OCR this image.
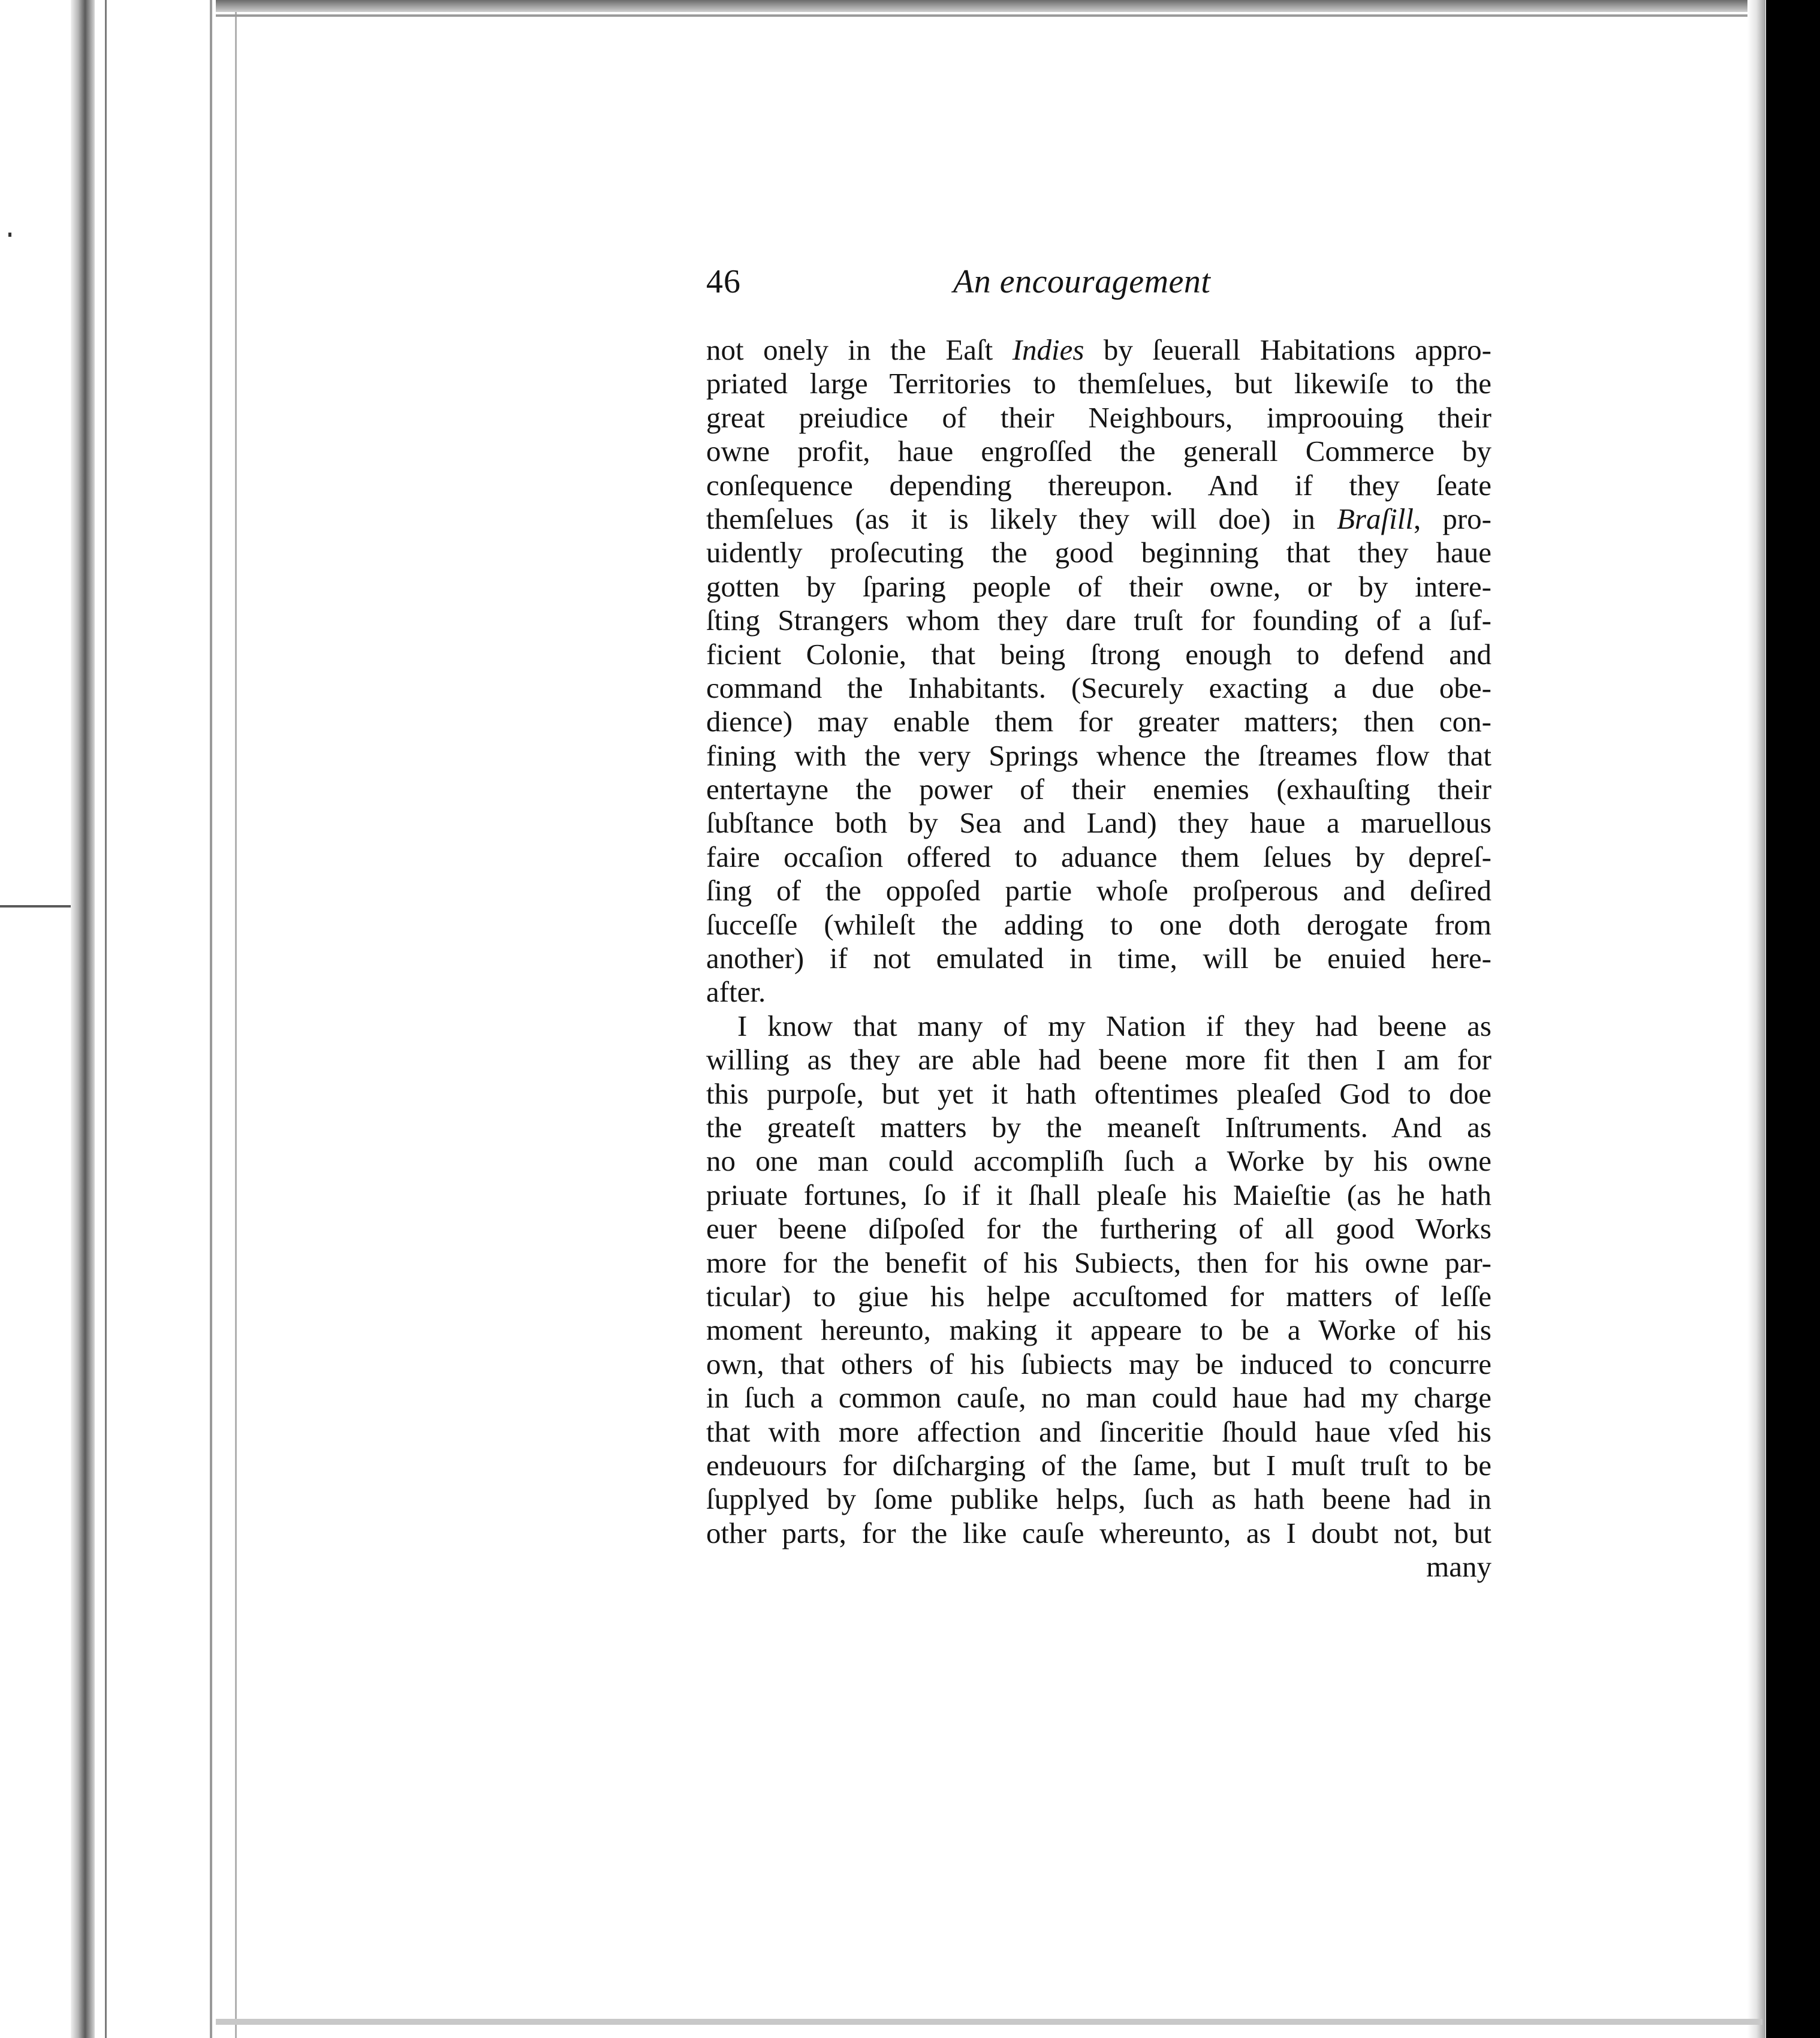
46	An encouragement
not onely in the Eaſt Indies by ſeuerall Habitations appro-
priated large Territories to themſelues, but likewiſe to the
great preiudice of their Neighbours, improouing their
owne profit, haue engroſſed the generall Commerce by
conſequence depending thereupon. And if they ſeate
themſelues (as it is likely they will doe) in Braſill, pro-
uidently proſecuting the good beginning that they haue
gotten by ſparing people of their owne, or by intere-
ſting Strangers whom they dare truſt for founding of a ſuf-
ficient Colonie, that being ſtrong enough to defend and
command the Inhabitants. (Securely exacting a due obe-
dience) may enable them for greater matters; then con-
fining with the very Springs whence the ſtreames flow that
entertayne the power of their enemies (exhauſting their
ſubſtance both by Sea and Land) they haue a maruellous
faire occaſion offered to aduance them ſelues by depreſ-
ſing of the oppoſed partie whoſe proſperous and deſired
ſucceſſe (whileſt the adding to one doth derogate from
another) if not emulated in time, will be enuied here-
after.
I know that many of my Nation if they had beene as
willing as they are able had beene more fit then I am for
this purpoſe, but yet it hath oftentimes pleaſed God to doe
the greateſt matters by the meaneſt Inſtruments. And as
no one man could accompliſh ſuch a Worke by his owne
priuate fortunes, ſo if it ſhall pleaſe his Maieſtie (as he hath
euer beene diſpoſed for the furthering of all good Works
more for the benefit of his Subiects, then for his owne par-
ticular) to giue his helpe accuſtomed for matters of leſſe
moment hereunto, making it appeare to be a Worke of his
own, that others of his ſubiects may be induced to concurre
in ſuch a common cauſe, no man could haue had my charge
that with more affection and ſinceritie ſhould haue vſed his
endeuours for diſcharging of the ſame, but I muſt truſt to be
ſupplyed by ſome publike helps, ſuch as hath beene had in
other parts, for the like cauſe whereunto, as I doubt not, but
many
